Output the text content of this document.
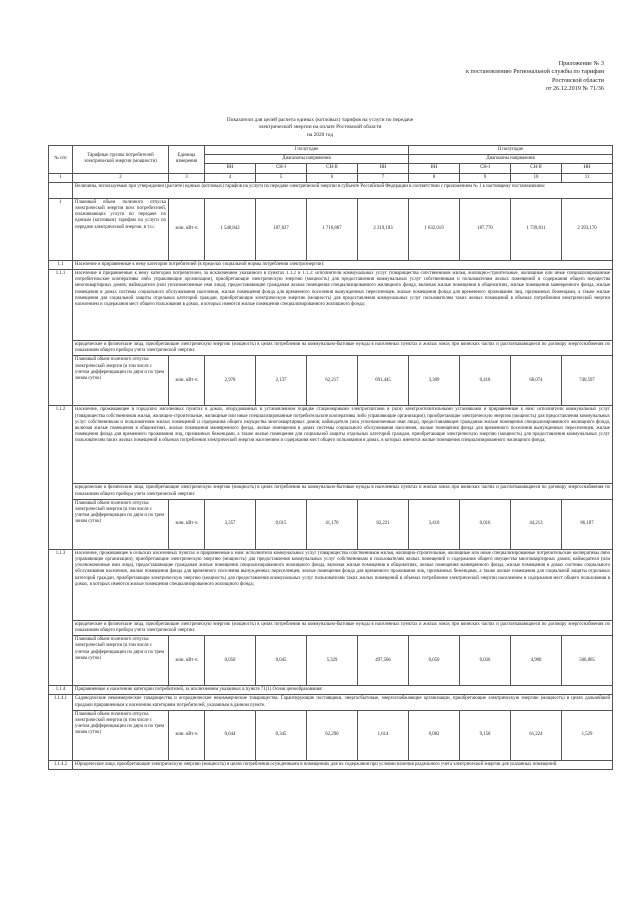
Приложение № 3
к постановлению Региональной службы по тарифам
Ростовской области
от 26.12.2019 № 71/36
Показатели для целей расчета единых (котловых) тарифов на услуги по передаче
электрической энергии на оплате Ростовской области
на 2020 год
№ п/п	Тарифные группы потребителей электрической энергии (мощности)	Единица измерения	I полугодие				II полугодие			
			Диапазоны напряжения				Диапазоны напряжения			
			ВН	СН-I	СН-II	НН	ВН	СН-I	СН-II	НН
1	2	3	4	5	6	7	8	9	10	11
	Величины, используемые при утверждении (расчете) единых (котловых) тарифов на услуги по передаче электрической энергии в субъекте Российской Федерации в соответствии с приложением № 1 к настоящему постановлению:									
1	Плановый объем полезного отпуска электрической энергии всех потребителей, оплачивающих услуги по передаче по единым (котловым) тарифам на услуги по передаче электрической энергии, в т.ч.:	млн. кВт·ч	1 548,842	187,827	1 716,887	2 319,183	1 632,019	187,770	1 739,811	2 393,170
1.1	Население и приравненные к нему категории потребителей (в пределах социальной нормы потребления электроэнергии):									
1.1.1	Население и приравненные к нему категории потребителей, за исключением указанного в пунктах 1.1.2 и 1.1.3: исполнители коммунальных услуг (товарищества собственников жилья, жилищно-строительные, жилищные или иные специализированные потребительские кооперативы либо управляющие организации), приобретающие электрическую энергию (мощность) для предоставления коммунальных услуг собственникам и пользователям жилых помещений и содержания общего имущества многоквартирных домов; наймодатели (или уполномоченные ими лица), предоставляющие гражданам жилые помещения специализированного жилищного фонда, включая жилые помещения в общежитиях, жилые помещения маневренного фонда, жилые помещения в домах системы социального обслуживания населения, жилые помещения фонда для временного поселения вынужденных переселенцев, жилые помещения фонда для временного проживания лиц, признанных беженцами, а также жилые помещения для социальной защиты отдельных категорий граждан, приобретающие электрическую энергию (мощность) для предоставления коммунальных услуг пользователям таких жилых помещений в объемах потребления электрической энергии населением и содержания мест общего пользования в домах, в которых имеются жилые помещения специализированного жилищного фонда;									

	юридические и физические лица, приобретающие электрическую энергию (мощность) в целях потребления на коммунально-бытовые нужды в населенных пунктах и жилых зонах при воинских частях и рассчитывающиеся по договору энергоснабжения по показаниям общего прибора учета электрической энергии:									
	Плановый объем полезного отпуска электрической энергии (в том числе с учетом дифференциации по двум и по трем зонам суток)	млн. кВт·ч	2,978	2,137	62,217	691,445	3,309	0,418	68,074	740,597
1.1.2	Население, проживающее в городских населенных пунктах в домах, оборудованных в установленном порядке стационарными электроплитами и (или) электроотопительными установками и приравненные к ним: исполнители коммунальных услуг (товарищества собственников жилья, жилищно-строительные, жилищные или иные специализированные потребительские кооперативы либо управляющие организации), приобретающие электрическую энергию (мощность) для предоставления коммунальных услуг собственникам и пользователям жилых помещений и содержания общего имущества многоквартирных домов; наймодатели (или уполномоченные ими лица), предоставляющие гражданам жилые помещения специализированного жилищного фонда, включая жилые помещения в общежитиях, жилые помещения маневренного фонда, жилые помещения в домах системы социального обслуживания населения, жилые помещения фонда для временного поселения вынужденных переселенцев, жилые помещения фонда для временного проживания лиц, признанных беженцами, а также жилые помещения для социальной защиты отдельных категорий граждан, приобретающие электрическую энергию (мощность) для предоставления коммунальных услуг пользователям таких жилых помещений в объемах потребления электрической энергии населением и содержания мест общего пользования в домах, в которых имеются жилые помещения специализированного жилищного фонда;									

	юридические и физические лица, приобретающие электрическую энергию (мощность) в целях потребления на коммунально-бытовые нужды в населенных пунктах и жилых зонах при воинских частях и рассчитывающиеся по договору энергоснабжения по показаниям общего прибора учета электрической энергии:									
	Плановый объем полезного отпуска электрической энергии (в том числе с учетом дифференциации по двум и по трем зонам суток)	млн. кВт·ч	3,357	0,015	41,170	82,221	3,410	0,016	44,213	86,187
1.1.3	Население, проживающее в сельских населенных пунктах и приравненные к ним: исполнители коммунальных услуг (товарищества собственников жилья, жилищно-строительные, жилищные или иные специализированные потребительские кооперативы либо управляющие организации), приобретающие электрическую энергию (мощность) для предоставления коммунальных услуг собственникам и пользователям жилых помещений и содержания общего имущества многоквартирных домов; наймодатели (или уполномоченные ими лица), предоставляющие гражданам жилые помещения специализированного жилищного фонда, включая жилые помещения в общежитиях, жилые помещения маневренного фонда, жилые помещения в домах системы социального обслуживания населения, жилые помещения фонда для временного поселения вынужденных переселенцев, жилые помещения фонда для временного проживания лиц, признанных беженцами, а также жилые помещения для социальной защиты отдельных категорий граждан, приобретающие электрическую энергию (мощность) для предоставления коммунальных услуг пользователям таких жилых помещений в объемах потребления электрической энергии населением и содержания мест общего пользования в домах, в которых имеются жилые помещения специализированного жилищного фонда;									

	юридические и физические лица, приобретающие электрическую энергию (мощность) в целях потребления на коммунально-бытовые нужды в населенных пунктах и жилых зонах при воинских частях и рассчитывающиеся по договору энергоснабжения по показаниям общего прибора учета электрической энергии:									
	Плановый объем полезного отпуска электрической энергии (в том числе с учетом дифференциации по двум и по трем зонам суток)	млн. кВт·ч	0,050	0,045	5,329	497,566	0,050	0,036	4,900	506,865
1.1.4	Приравненные к населению категории потребителей, за исключением указанных в пункте 71(1) Основ ценообразования:									
1.1.4.1	Садоводческие некоммерческие товарищества и огороднические некоммерческие товарищества. Гарантирующие поставщики, энергосбытовые, энергоснабжающие организации, приобретающие электрическую энергию (мощность) в целях дальнейшей продажи приравненным к населению категориям потребителей, указанным в данном пункте.									
	Плановый объем полезного отпуска электрической энергии (в том числе с учетом дифференциации по двум и по трем зонам суток)	млн. кВт·ч	0,644	0,345	62,290	1,614	0,082	9,150	61,224	1,529
1.1.4.2	Юридические лица, приобретающие электрическую энергию (мощность) в целях потребления осужденными в помещениях для их содержания при условии наличия раздельного учета электрической энергии для указанных помещений.									
